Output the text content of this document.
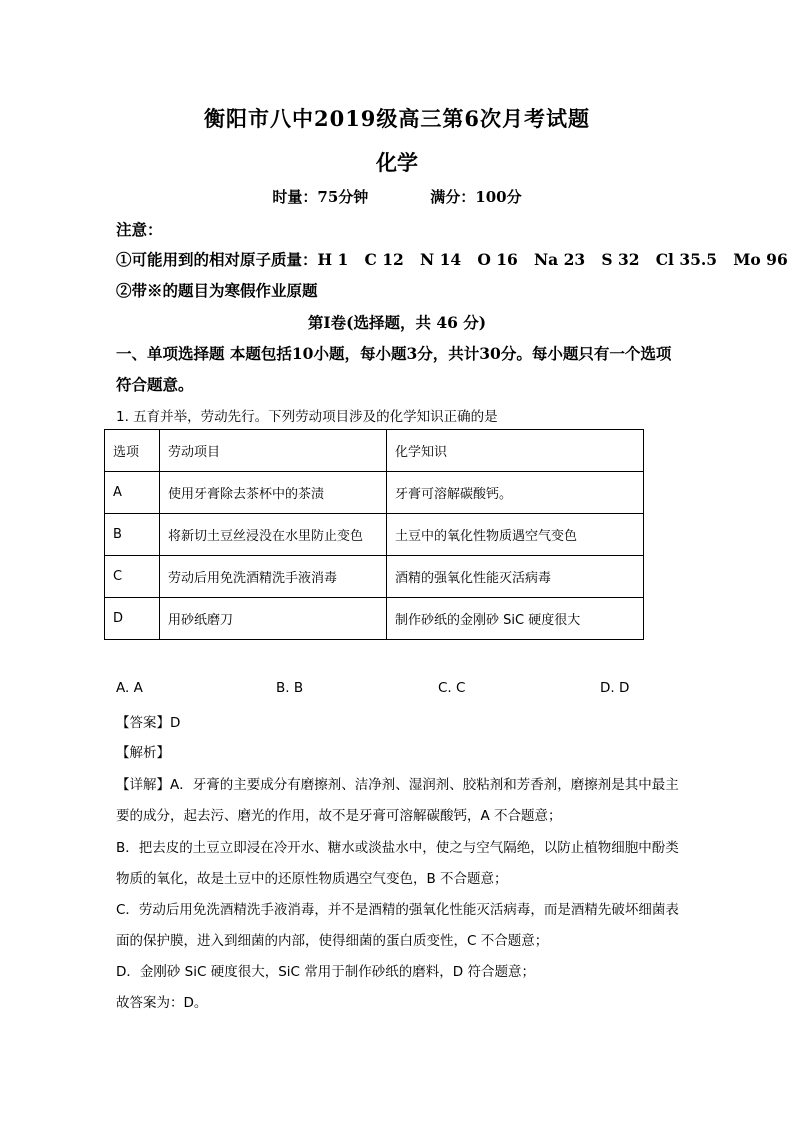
衡阳市八中2019级高三第6次月考试题
化学
时量：75分钟	满分：100分
注意：
①可能用到的相对原子质量：H 1   C 12   N 14   O 16   Na 23   S 32   Cl 35.5   Mo 96
②带※的题目为寒假作业原题
第Ⅰ卷(选择题，共 46 分)
一、单项选择题 本题包括10小题，每小题3分，共计30分。每小题只有一个选项
符合题意。
1. 五育并举，劳动先行。下列劳动项目涉及的化学知识正确的是
选项	劳动项目	化学知识
A	使用牙膏除去茶杯中的茶渍	牙膏可溶解碳酸钙。
B	将新切土豆丝浸没在水里防止变色	土豆中的氧化性物质遇空气变色
C	劳动后用免洗酒精洗手液消毒	酒精的强氧化性能灭活病毒
D	用砂纸磨刀	制作砂纸的金刚砂 SiC 硬度很大
A. A	B. B	C. C	D. D
【答案】D
【解析】
【详解】A．牙膏的主要成分有磨擦剂、洁净剂、湿润剂、胶粘剂和芳香剂，磨擦剂是其中最主
要的成分，起去污、磨光的作用，故不是牙膏可溶解碳酸钙，A 不合题意；
B．把去皮的土豆立即浸在冷开水、糖水或淡盐水中，使之与空气隔绝，以防止植物细胞中酚类
物质的氧化，故是土豆中的还原性物质遇空气变色，B 不合题意；
C．劳动后用免洗酒精洗手液消毒，并不是酒精的强氧化性能灭活病毒，而是酒精先破坏细菌表
面的保护膜，进入到细菌的内部，使得细菌的蛋白质变性，C 不合题意；
D．金刚砂 SiC 硬度很大，SiC 常用于制作砂纸的磨料，D 符合题意；
故答案为：D。
